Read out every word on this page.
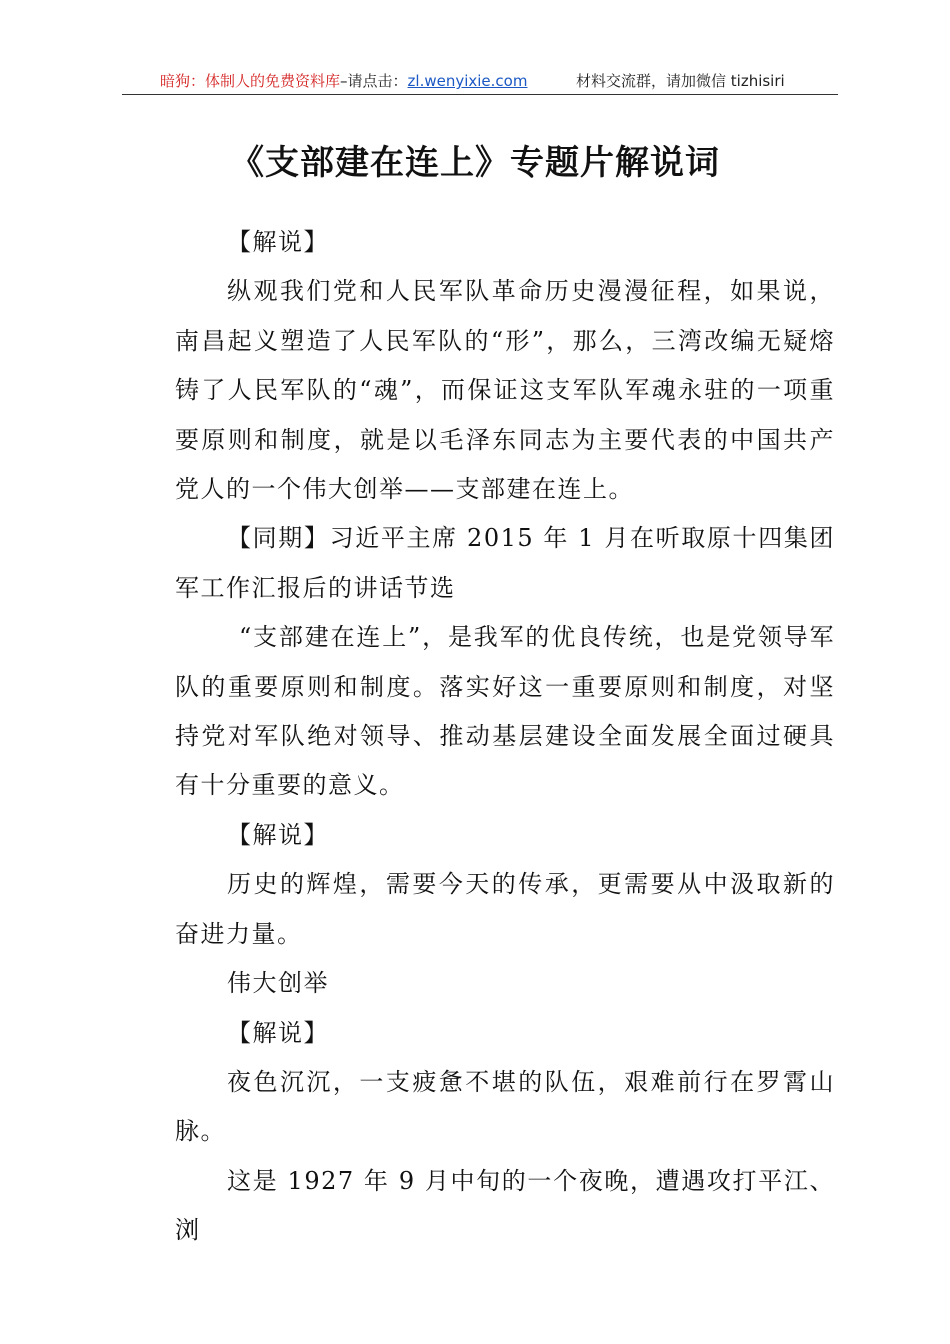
暗狗：体制人的免费资料库–请点击：zl.wenyixie.com	材料交流群，请加微信 tizhisiri
《支部建在连上》专题片解说词

【解说】

纵观我们党和人民军队革命历史漫漫征程，如果说，南昌起义塑造了人民军队的“形”，那么，三湾改编无疑熔铸了人民军队的“魂”，而保证这支军队军魂永驻的一项重要原则和制度，就是以毛泽东同志为主要代表的中国共产党人的一个伟大创举——支部建在连上。

【同期】习近平主席 2015 年 1 月在听取原十四集团军工作汇报后的讲话节选

“支部建在连上”，是我军的优良传统，也是党领导军队的重要原则和制度。落实好这一重要原则和制度，对坚持党对军队绝对领导、推动基层建设全面发展全面过硬具有十分重要的意义。

【解说】

历史的辉煌，需要今天的传承，更需要从中汲取新的奋进力量。

伟大创举

【解说】

夜色沉沉，一支疲惫不堪的队伍，艰难前行在罗霄山脉。

这是 1927 年 9 月中旬的一个夜晚，遭遇攻打平江、浏
